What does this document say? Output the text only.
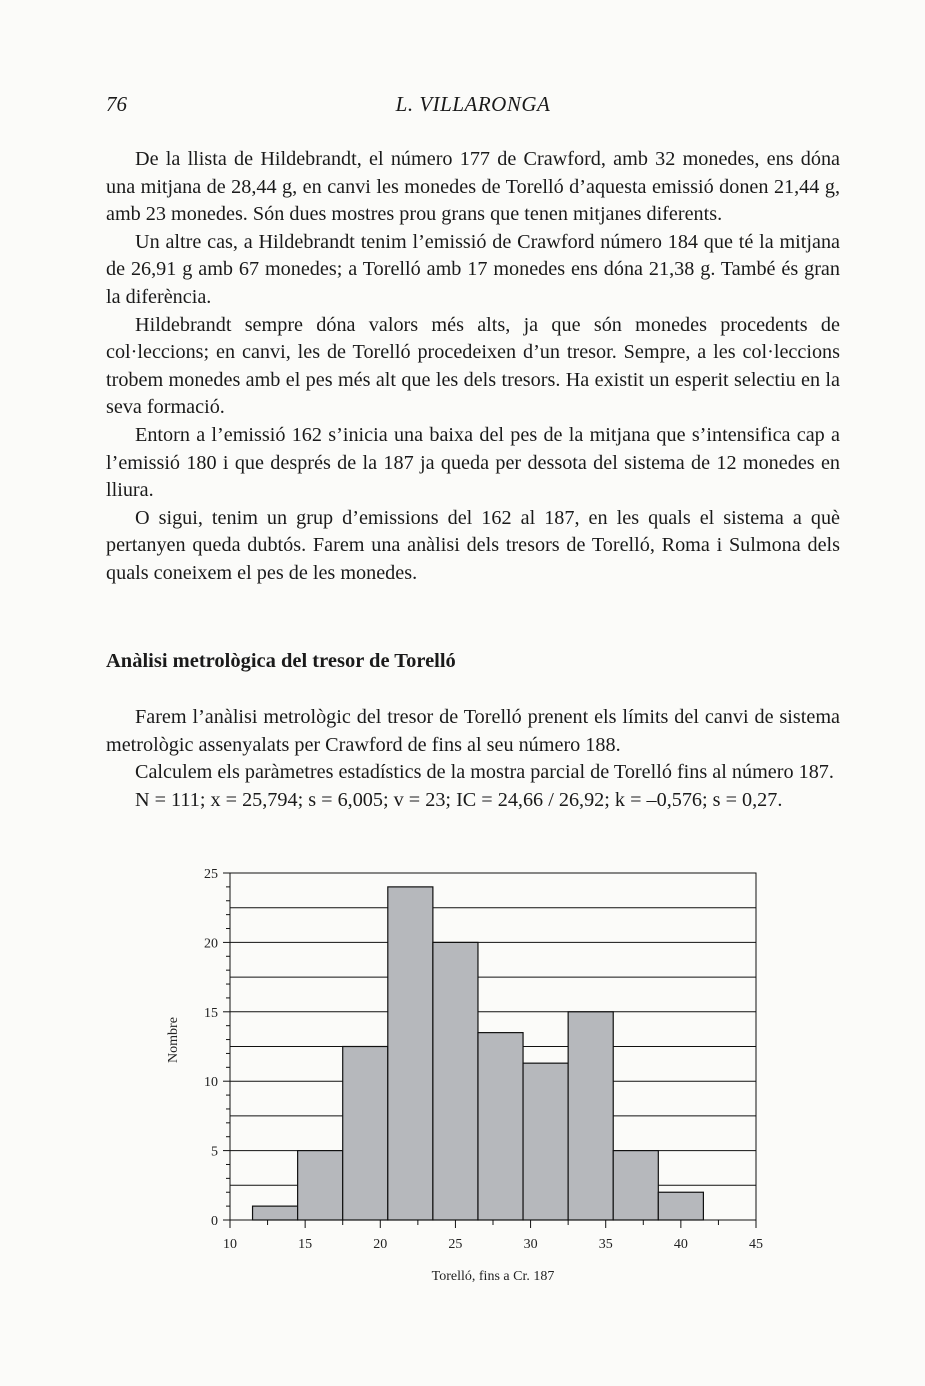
76	L. VILLARONGA

De la llista de Hildebrandt, el número 177 de Crawford, amb 32 monedes, ens dóna una mitjana de 28,44 g, en canvi les monedes de Torelló d’aquesta emissió donen 21,44 g, amb 23 monedes. Són dues mostres prou grans que tenen mitjanes diferents.

Un altre cas, a Hildebrandt tenim l’emissió de Crawford número 184 que té la mitjana de 26,91 g amb 67 monedes; a Torelló amb 17 monedes ens dóna 21,38 g. També és gran la diferència.

Hildebrandt sempre dóna valors més alts, ja que són monedes procedents de col·leccions; en canvi, les de Torelló procedeixen d’un tresor. Sempre, a les col·leccions trobem monedes amb el pes més alt que les dels tresors. Ha existit un esperit selectiu en la seva formació.

Entorn a l’emissió 162 s’inicia una baixa del pes de la mitjana que s’intensifica cap a l’emissió 180 i que després de la 187 ja queda per dessota del sistema de 12 monedes en lliura.

O sigui, tenim un grup d’emissions del 162 al 187, en les quals el sistema a què pertanyen queda dubtós. Farem una anàlisi dels tresors de Torelló, Roma i Sulmona dels quals coneixem el pes de les monedes.

Anàlisi metrològica del tresor de Torelló

Farem l’anàlisi metrològic del tresor de Torelló prenent els límits del canvi de sistema metrològic assenyalats per Crawford de fins al seu número 188.

Calculem els paràmetres estadístics de la mostra parcial de Torelló fins al número 187.

N = 111; x = 25,794; s = 6,005; v = 23; IC = 24,66 / 26,92; k = –0,576; s = 0,27.

0
5
10
15
20
25
10	15	20	25	30	35	40	45
Torelló, fins a Cr. 187
Nombre
